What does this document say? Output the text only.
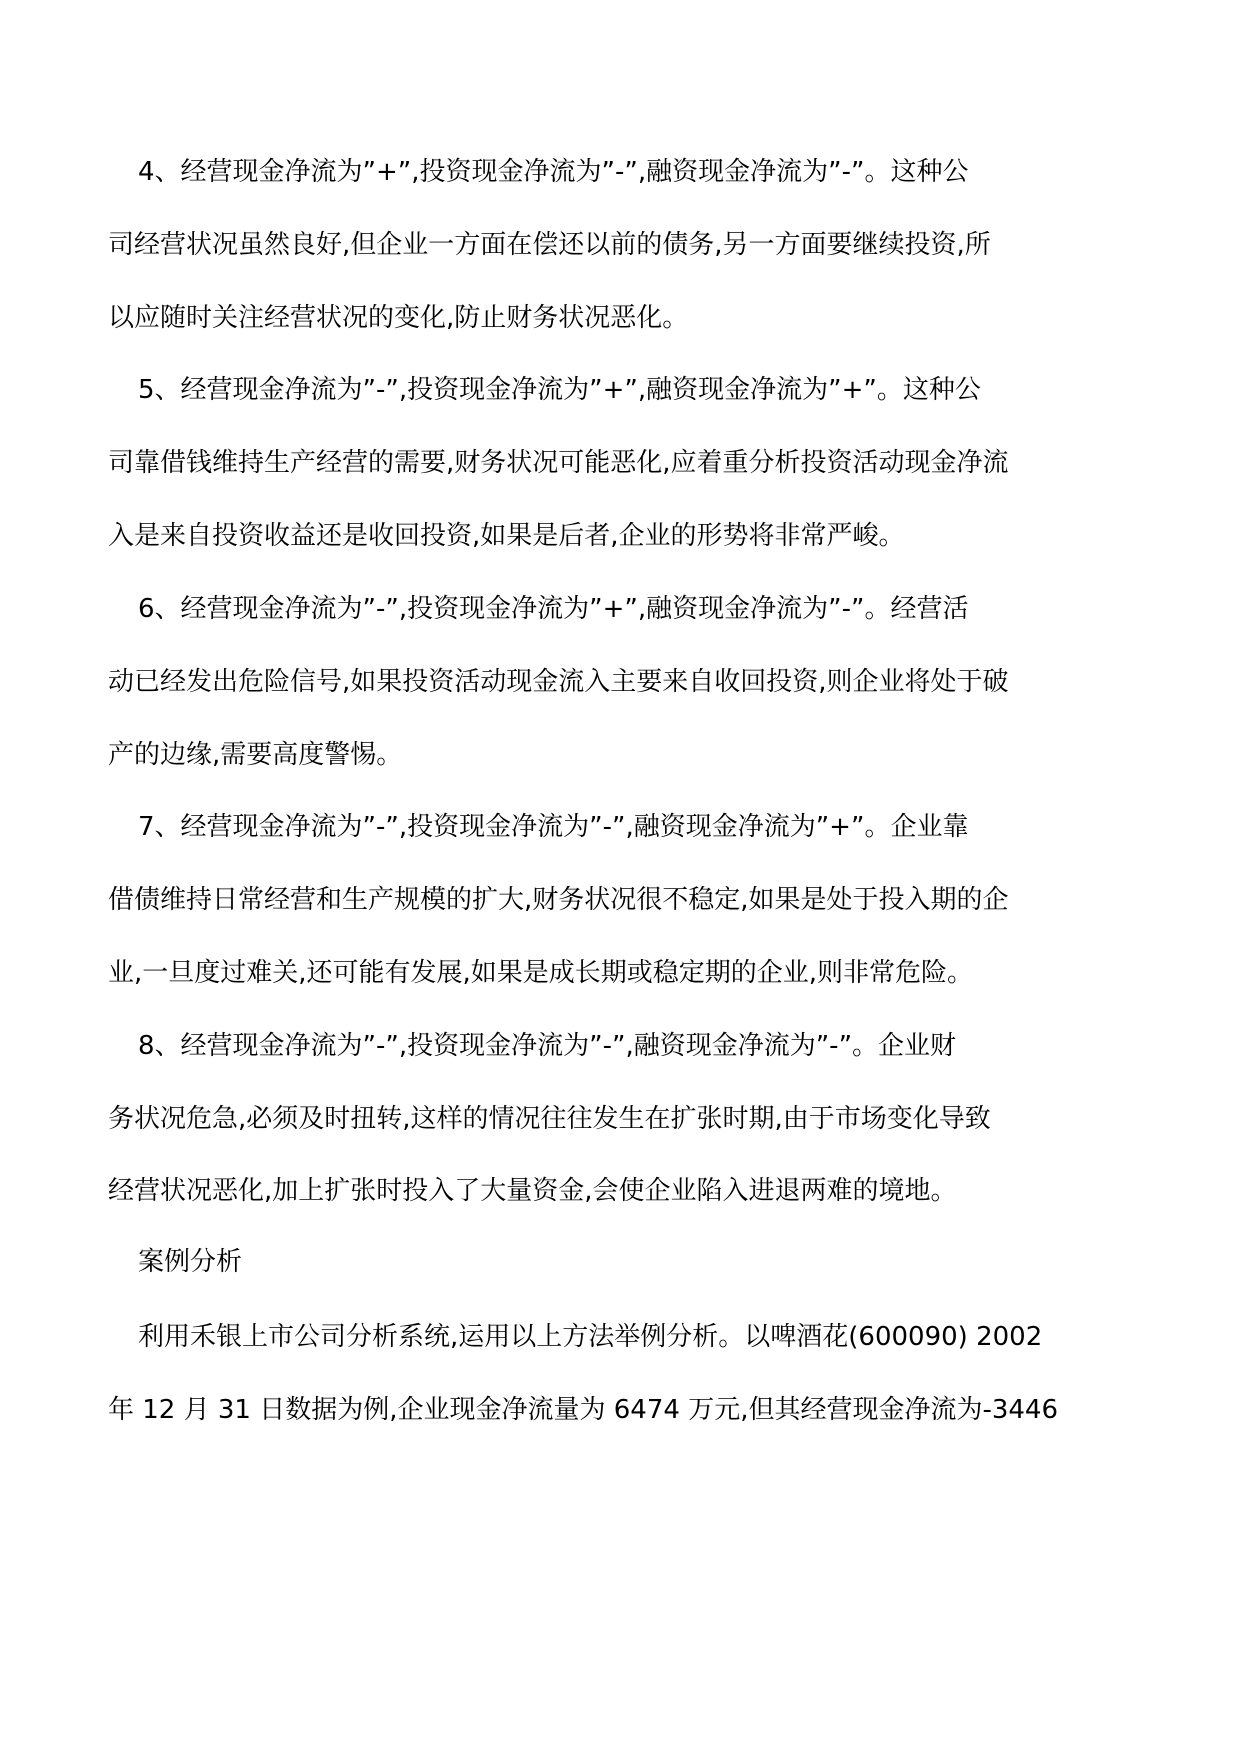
4、经营现金净流为”+”,投资现金净流为”-”,融资现金净流为”-”。这种公
司经营状况虽然良好,但企业一方面在偿还以前的债务,另一方面要继续投资,所
以应随时关注经营状况的变化,防止财务状况恶化。
5、经营现金净流为”-”,投资现金净流为”+”,融资现金净流为”+”。这种公
司靠借钱维持生产经营的需要,财务状况可能恶化,应着重分析投资活动现金净流
入是来自投资收益还是收回投资,如果是后者,企业的形势将非常严峻。
6、经营现金净流为”-”,投资现金净流为”+”,融资现金净流为”-”。经营活
动已经发出危险信号,如果投资活动现金流入主要来自收回投资,则企业将处于破
产的边缘,需要高度警惕。
7、经营现金净流为”-”,投资现金净流为”-”,融资现金净流为”+”。企业靠
借债维持日常经营和生产规模的扩大,财务状况很不稳定,如果是处于投入期的企
业,一旦度过难关,还可能有发展,如果是成长期或稳定期的企业,则非常危险。
8、经营现金净流为”-”,投资现金净流为”-”,融资现金净流为”-”。企业财
务状况危急,必须及时扭转,这样的情况往往发生在扩张时期,由于市场变化导致
经营状况恶化,加上扩张时投入了大量资金,会使企业陷入进退两难的境地。
案例分析
利用禾银上市公司分析系统,运用以上方法举例分析。以啤酒花(600090) 2002
年 12 月 31 日数据为例,企业现金净流量为 6474 万元,但其经营现金净流为-3446
